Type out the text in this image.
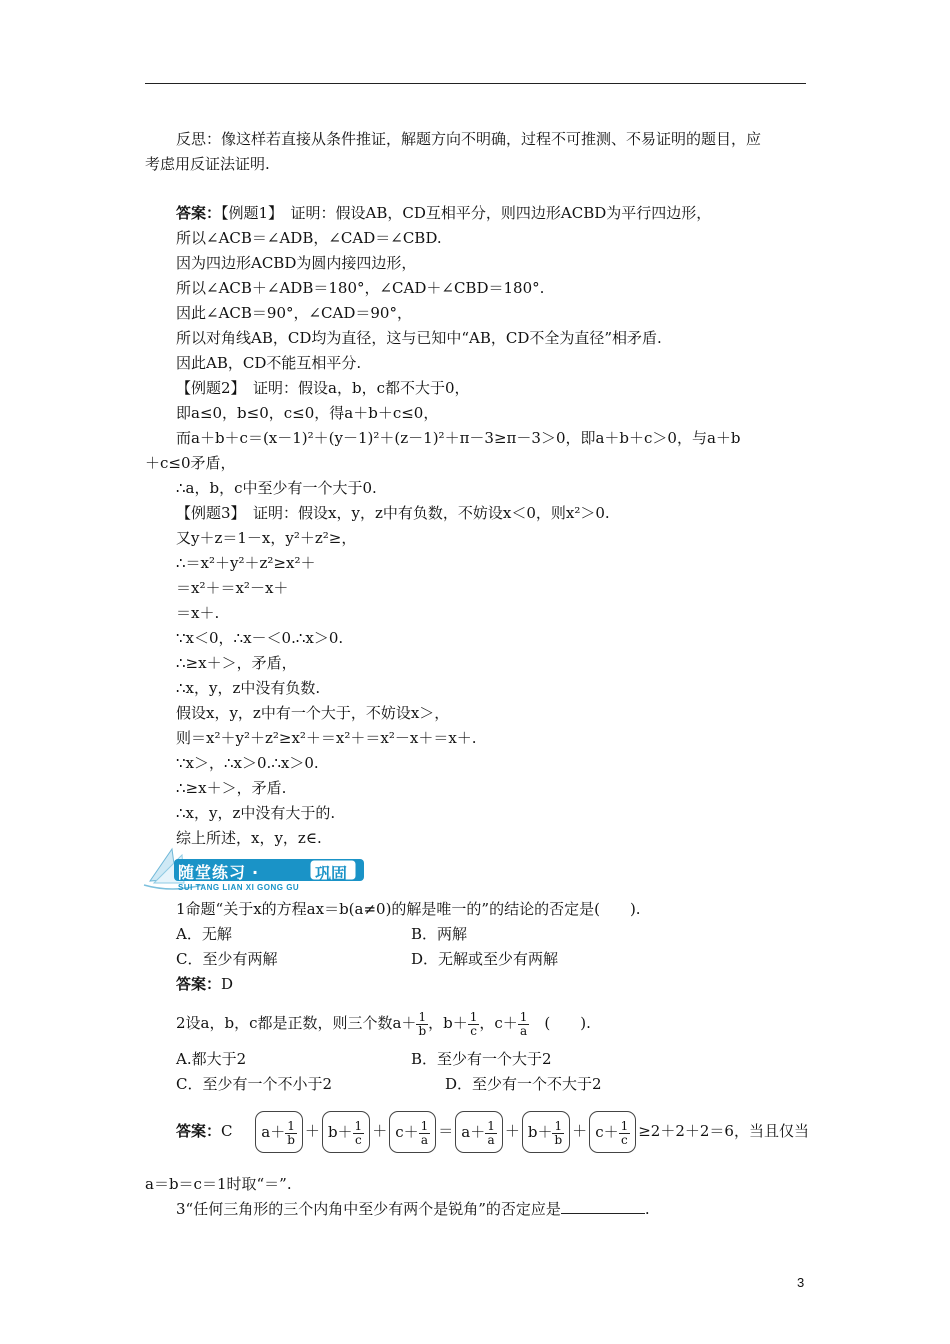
反思：像这样若直接从条件推证，解题方向不明确，过程不可推测、不易证明的题目，应
考虑用反证法证明.
答案：【例题1】　证明：假设AB，CD互相平分，则四边形ACBD为平行四边形，
所以∠ACB＝∠ADB，∠CAD＝∠CBD.
因为四边形ACBD为圆内接四边形，
所以∠ACB＋∠ADB＝180°，∠CAD＋∠CBD＝180°.
因此∠ACB＝90°，∠CAD＝90°，
所以对角线AB，CD均为直径，这与已知中“AB，CD不全为直径”相矛盾.
因此AB，CD不能互相平分.
【例题2】　证明：假设a，b，c都不大于0，
即a≤0，b≤0，c≤0，得a＋b＋c≤0，
而a＋b＋c＝(x－1)²＋(y－1)²＋(z－1)²＋π－3≥π－3＞0，即a＋b＋c＞0，与a＋b
＋c≤0矛盾，
∴a，b，c中至少有一个大于0.
【例题3】　证明：假设x，y，z中有负数，不妨设x＜0，则x²＞0.
又y＋z＝1－x，y²＋z²≥，
∴＝x²＋y²＋z²≥x²＋
＝x²＋＝x²－x＋
＝x＋.
∵x＜0，∴x－＜0.∴x＞0.
∴≥x＋＞，矛盾，
∴x，y，z中没有负数.
假设x，y，z中有一个大于，不妨设x＞，
则＝x²＋y²＋z²≥x²＋＝x²＋＝x²－x＋＝x＋.
∵x＞，∴x＞0.∴x＞0.
∴≥x＋＞，矛盾.
∴x，y，z中没有大于的.
综上所述，x，y，z∈.
随堂练习 ·	巩固
SUI TANG LIAN XI GONG GU
1命题“关于x的方程ax＝b(a≠0)的解是唯一的”的结论的否定是(　　).
A．无解	B．两解
C．至少有两解	D．无解或至少有两解
答案：D
2设a，b，c都是正数，则三个数$a+ \frac{1}{b}$ ，$b+ \frac{1}{c}$ ，$c+ \frac{1}{a}$ 　(　　).
A.都大于2	B．至少有一个大于2
C．至少有一个不小于2	D．至少有一个不大于2
答案：C $a+ \frac{1}{b} + b+ \frac{1}{c} + c+ \frac{1}{a} = a+ \frac{1}{a} + b+ \frac{1}{b} + c+ \frac{1}{c} \ge 2+2+2=6$，当且仅当
a＝b＝c＝1时取“＝”.
3“任何三角形的三个内角中至少有两个是锐角”的否定应是	.
3
